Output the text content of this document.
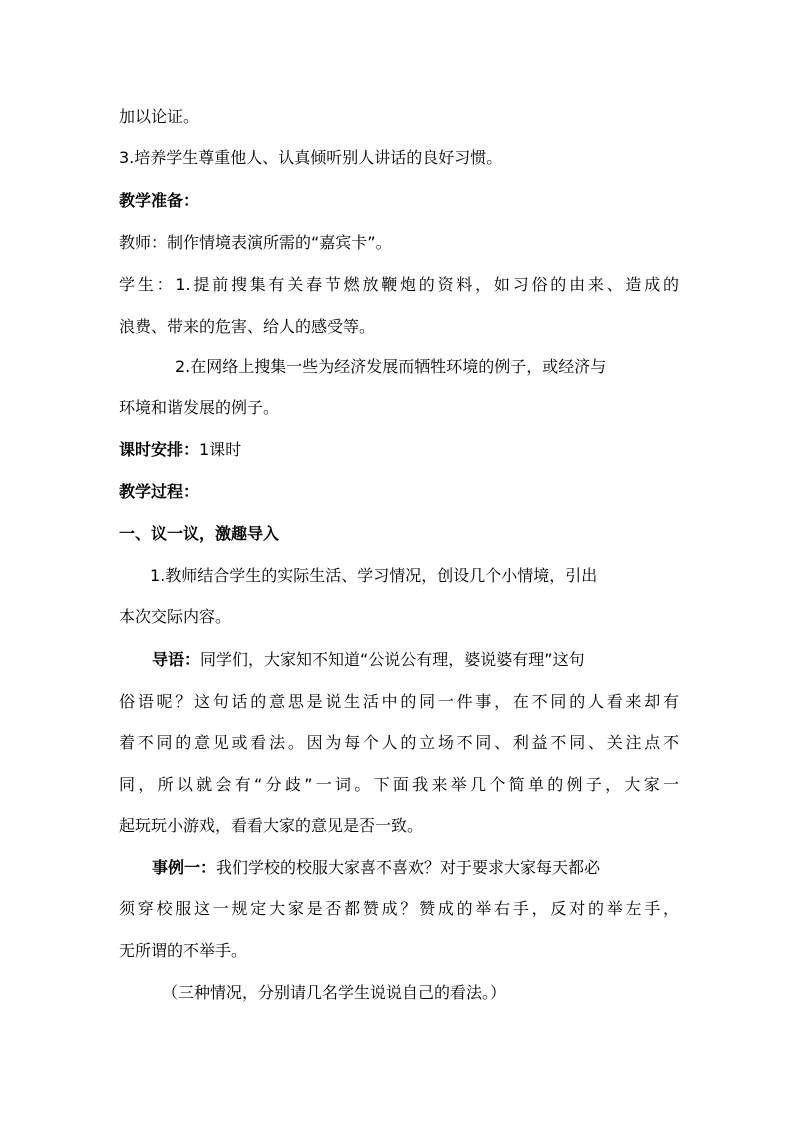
加以论证。
3.培养学生尊重他人、认真倾听别人讲话的良好习惯。
教学准备：
教师：制作情境表演所需的“嘉宾卡”。
学生：1.提前搜集有关春节燃放鞭炮的资料，如习俗的由来、造成的
浪费、带来的危害、给人的感受等。
2.在网络上搜集一些为经济发展而牺牲环境的例子，或经济与
环境和谐发展的例子。
课时安排：1课时
教学过程：
一、议一议，激趣导入
1.教师结合学生的实际生活、学习情况，创设几个小情境，引出
本次交际内容。
导语：同学们，大家知不知道“公说公有理，婆说婆有理”这句
俗语呢？这句话的意思是说生活中的同一件事，在不同的人看来却有
着不同的意见或看法。因为每个人的立场不同、利益不同、关注点不
同，所以就会有“分歧”一词。下面我来举几个简单的例子，大家一
起玩玩小游戏，看看大家的意见是否一致。
事例一：我们学校的校服大家喜不喜欢？对于要求大家每天都必
须穿校服这一规定大家是否都赞成？赞成的举右手，反对的举左手，
无所谓的不举手。
（三种情况，分别请几名学生说说自己的看法。）
